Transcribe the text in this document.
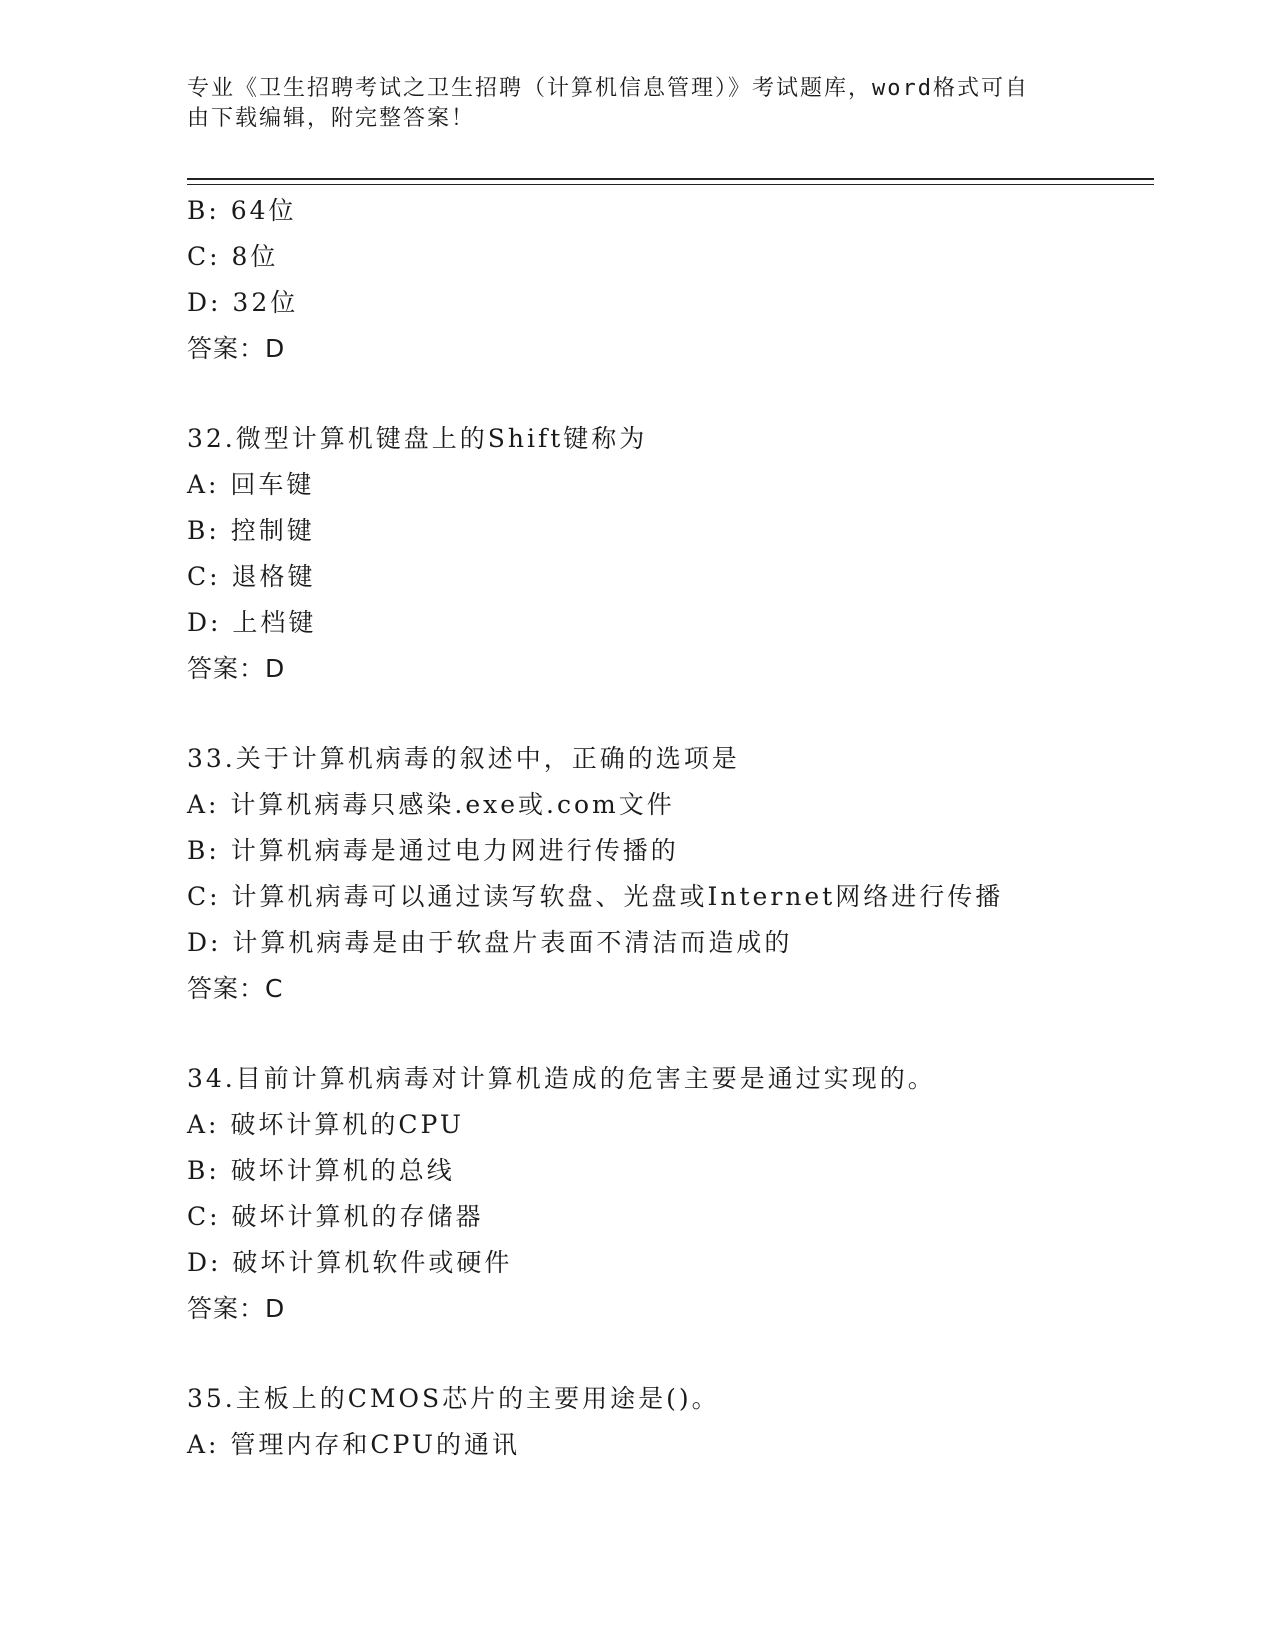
专业《卫生招聘考试之卫生招聘（计算机信息管理）》考试题库，word格式可自
由下载编辑，附完整答案！
B: 64位
C: 8位
D: 32位
答案：D
32.微型计算机键盘上的Shift键称为
A: 回车键
B: 控制键
C: 退格键
D: 上档键
答案：D
33.关于计算机病毒的叙述中，正确的选项是
A: 计算机病毒只感染.exe或.com文件
B: 计算机病毒是通过电力网进行传播的
C: 计算机病毒可以通过读写软盘、光盘或Internet网络进行传播
D: 计算机病毒是由于软盘片表面不清洁而造成的
答案：C
34.目前计算机病毒对计算机造成的危害主要是通过实现的。
A: 破坏计算机的CPU
B: 破坏计算机的总线
C: 破坏计算机的存储器
D: 破坏计算机软件或硬件
答案：D
35.主板上的CMOS芯片的主要用途是()。
A: 管理内存和CPU的通讯
